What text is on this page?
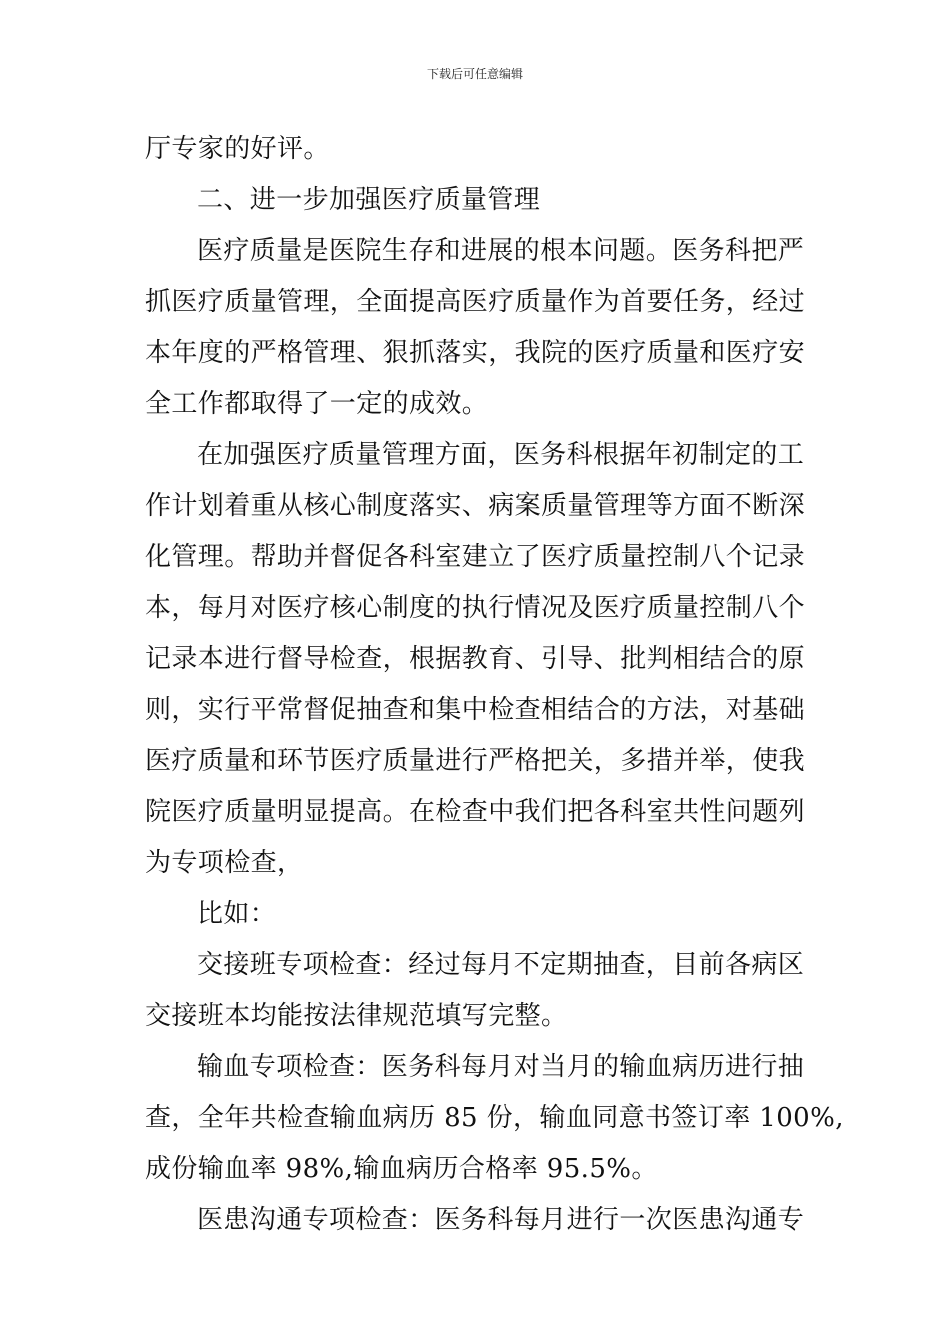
下载后可任意编辑
厅专家的好评。
二、进一步加强医疗质量管理
医疗质量是医院生存和进展的根本问题。医务科把严
抓医疗质量管理，全面提高医疗质量作为首要任务，经过
本年度的严格管理、狠抓落实，我院的医疗质量和医疗安
全工作都取得了一定的成效。
在加强医疗质量管理方面，医务科根据年初制定的工
作计划着重从核心制度落实、病案质量管理等方面不断深
化管理。帮助并督促各科室建立了医疗质量控制八个记录
本，每月对医疗核心制度的执行情况及医疗质量控制八个
记录本进行督导检查，根据教育、引导、批判相结合的原
则，实行平常督促抽查和集中检查相结合的方法，对基础
医疗质量和环节医疗质量进行严格把关，多措并举，使我
院医疗质量明显提高。在检查中我们把各科室共性问题列
为专项检查，
比如：
交接班专项检查：经过每月不定期抽查，目前各病区
交接班本均能按法律规范填写完整。
输血专项检查：医务科每月对当月的输血病历进行抽
查，全年共检查输血病历 85 份，输血同意书签订率 100%,
成份输血率 98%,输血病历合格率 95.5%。
医患沟通专项检查：医务科每月进行一次医患沟通专
